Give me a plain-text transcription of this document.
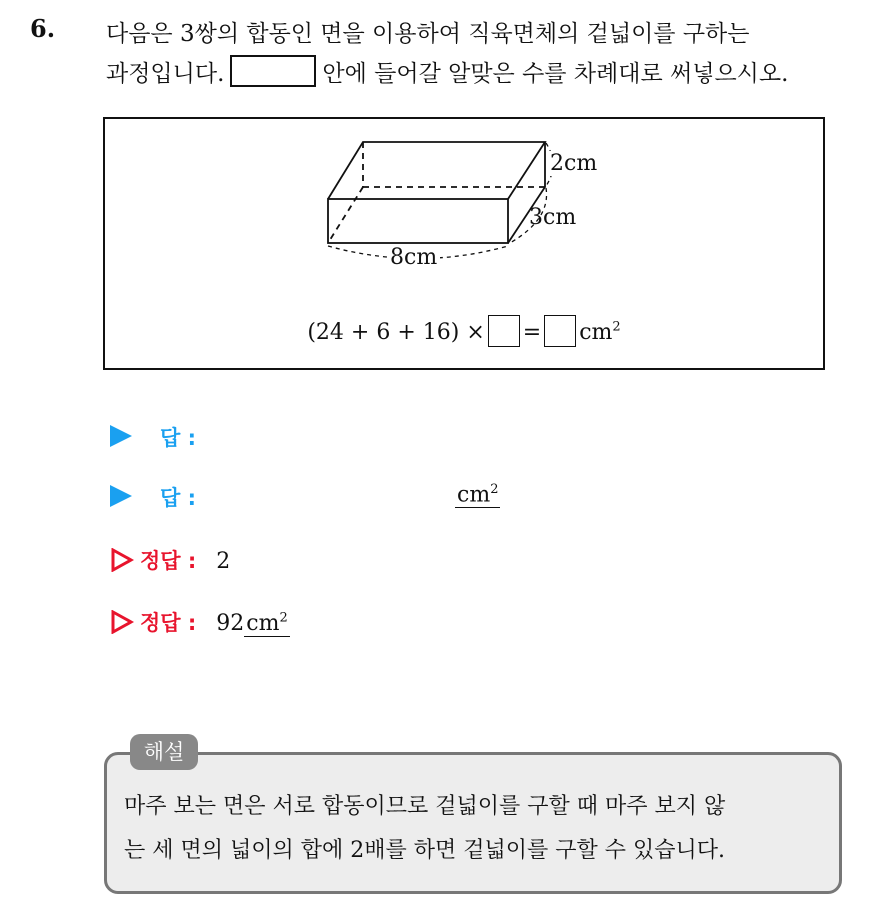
6. 다음은 3쌍의 합동인 면을 이용하여 직육면체의 겉넓이를 구하는
과정입니다.	안에 들어갈 알맞은 수를 차례대로 써넣으시오.
2cm
3cm
8cm
(24 + 6 + 16) × = $cm^2$
답 :
답 :	$cm^2$
정답 : 2
정답 : $92cm^2$
해설
마주 보는 면은 서로 합동이므로 겉넓이를 구할 때 마주 보지 않
는 세 면의 넓이의 합에 2배를 하면 겉넓이를 구할 수 있습니다.
